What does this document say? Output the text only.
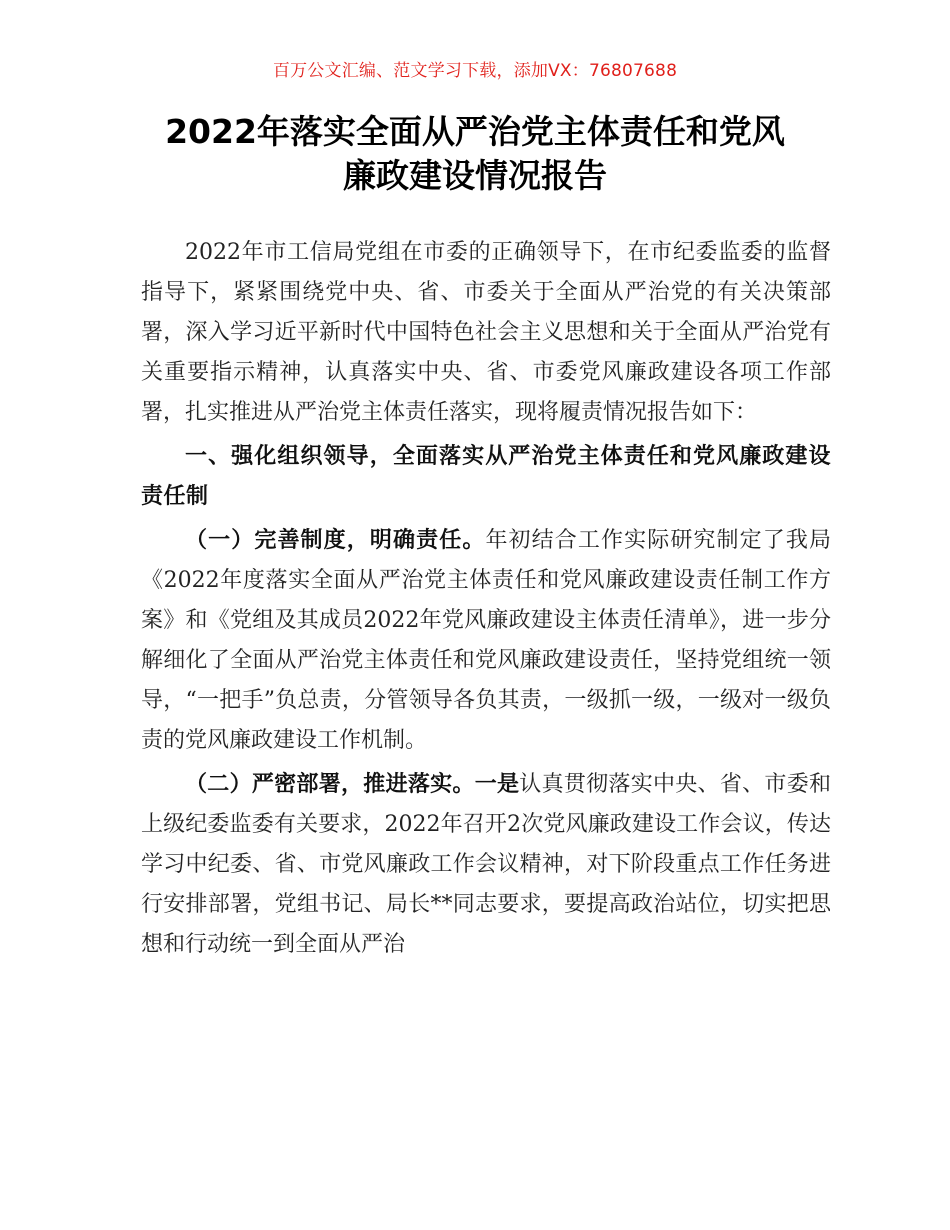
百万公文汇编、范文学习下载，添加VX：76807688
2022年落实全面从严治党主体责任和党风
廉政建设情况报告

2022年市工信局党组在市委的正确领导下，在市纪委监委的监督指导下，紧紧围绕党中央、省、市委关于全面从严治党的有关决策部署，深入学习近平新时代中国特色社会主义思想和关于全面从严治党有关重要指示精神，认真落实中央、省、市委党风廉政建设各项工作部署，扎实推进从严治党主体责任落实，现将履责情况报告如下：

一、强化组织领导，全面落实从严治党主体责任和党风廉政建设责任制

（一）完善制度，明确责任。年初结合工作实际研究制定了我局《2022年度落实全面从严治党主体责任和党风廉政建设责任制工作方案》和《党组及其成员2022年党风廉政建设主体责任清单》，进一步分解细化了全面从严治党主体责任和党风廉政建设责任，坚持党组统一领导，“一把手”负总责，分管领导各负其责，一级抓一级，一级对一级负责的党风廉政建设工作机制。

（二）严密部署，推进落实。一是认真贯彻落实中央、省、市委和上级纪委监委有关要求，2022年召开2次党风廉政建设工作会议，传达学习中纪委、省、市党风廉政工作会议精神，对下阶段重点工作任务进行安排部署，党组书记、局长**同志要求，要提高政治站位，切实把思想和行动统一到全面从严治
